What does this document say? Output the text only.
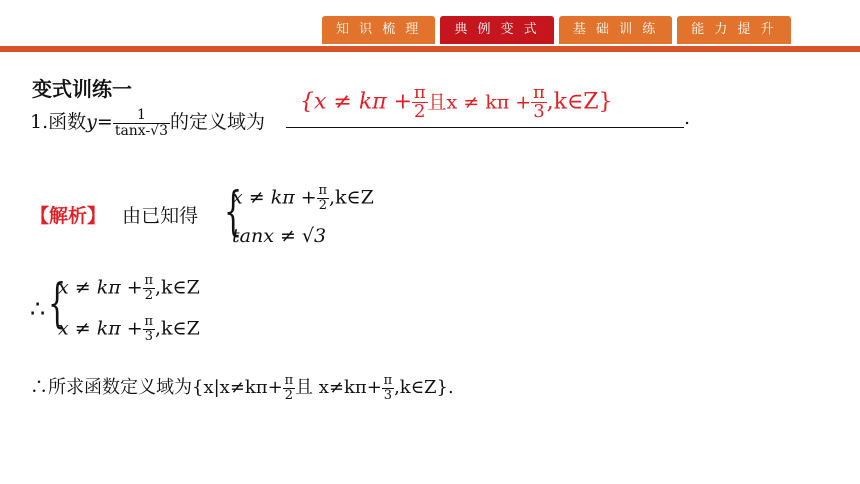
知 识 梳 理	典 例 变 式	基 础 训 练	能 力 提 升
变式训练一
1.函数$y= \frac{1}{\tan x-√3}$ 的定义域为
{$x \ne k\pi + \frac{\pi}{2}$ 且$x \ne k\pi + \frac{\pi}{3}$ ,k∈Z}
.
【解析】 由已知得 {
$x \ne k\pi + \frac{\pi}{2}$ ,k∈Z
tanx ≠ √3
∴ {
$x \ne k\pi + \frac{\pi}{2}$ ,k∈Z
$x \ne k\pi + \frac{\pi}{3}$ ,k∈Z
∴所求函数定义域为{$x|x\ne k\pi+ \frac{\pi}{2}$ 且 $x\ne k\pi+ \frac{\pi}{3}$ ,k∈Z}.
